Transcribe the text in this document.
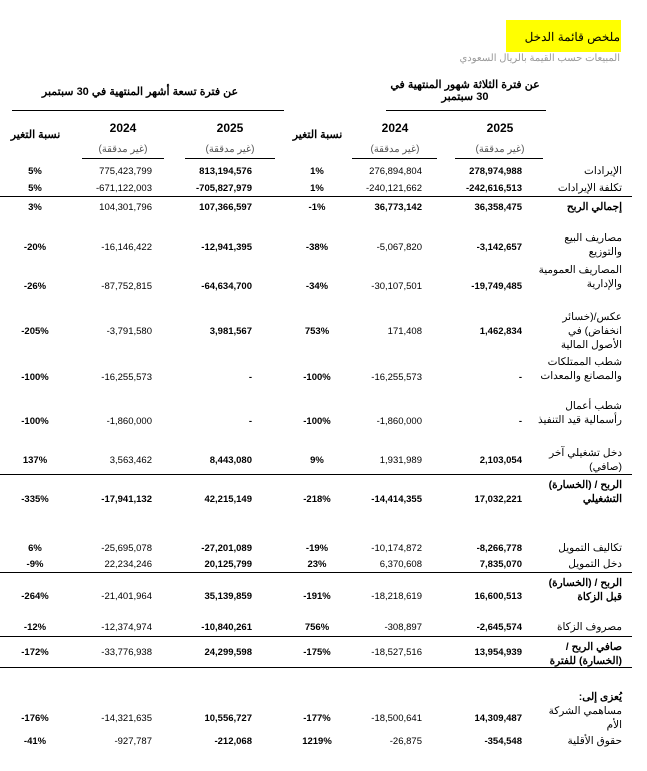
ملخص قائمة الدخل
المبيعات حسب القيمة بالريال السعودي
عن فترة الثلاثة شهور المنتهية في 30 سبتمبر
عن فترة تسعة أشهر المنتهية في 30 سبتمبر
2025
2024
نسبة التغير
2025
2024
نسبة التغير
(غير مدققة)
(غير مدققة)
(غير مدققة)
(غير مدققة)
الإيرادات
278,974,988
276,894,804
1%
813,194,576
775,423,799
5%
تكلفة الإيرادات
-242,616,513
-240,121,662
1%
-705,827,979
-671,122,003
5%
إجمالي الربح
36,358,475
36,773,142
-1%
107,366,597
104,301,796
3%
مصاريف البيع والتوزيع
-3,142,657
-5,067,820
-38%
-12,941,395
-16,146,422
-20%
المصاريف العمومية والإدارية
-19,749,485
-30,107,501
-34%
-64,634,700
-87,752,815
-26%
عكس/(خسائر انخفاض) في الأصول المالية
1,462,834
171,408
753%
3,981,567
-3,791,580
-205%
شطب الممتلكات والمصانع والمعدات
-
-16,255,573
-100%
-
-16,255,573
-100%
شطب أعمال رأسمالية قيد التنفيذ
-
-1,860,000
-100%
-
-1,860,000
-100%
دخل تشغيلي آخر (صافي)
2,103,054
1,931,989
9%
8,443,080
3,563,462
137%
الربح / (الخسارة) التشغيلي
17,032,221
-14,414,355
-218%
42,215,149
-17,941,132
-335%
تكاليف التمويل
-8,266,778
-10,174,872
-19%
-27,201,089
-25,695,078
6%
دخل التمويل
7,835,070
6,370,608
23%
20,125,799
22,234,246
-9%
الربح / (الخسارة) قبل الزكاة
16,600,513
-18,218,619
-191%
35,139,859
-21,401,964
-264%
مصروف الزكاة
-2,645,574
-308,897
756%
-10,840,261
-12,374,974
-12%
صافي الربح / (الخسارة) للفترة
13,954,939
-18,527,516
-175%
24,299,598
-33,776,938
-172%
يُعزى إلى:
مساهمي الشركة الأم
14,309,487
-18,500,641
-177%
10,556,727
-14,321,635
-176%
حقوق الأقلية
-354,548
-26,875
1219%
-212,068
-927,787
-41%
